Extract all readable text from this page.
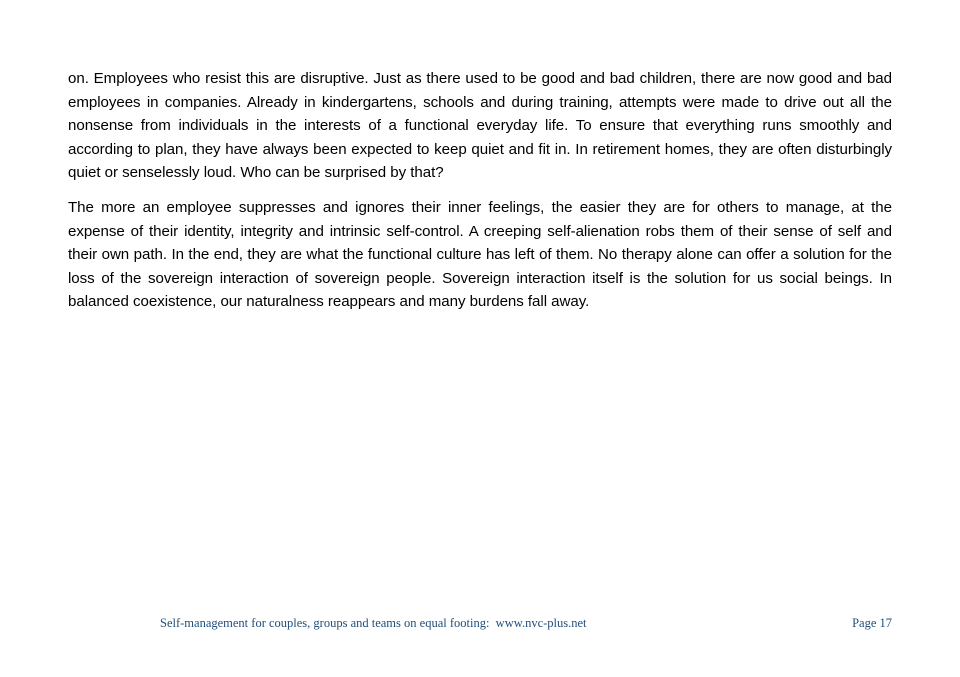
on. Employees who resist this are disruptive. Just as there used to be good and bad children, there are now good and bad employees in companies. Already in kindergartens, schools and during training, attempts were made to drive out all the nonsense from individuals in the interests of a functional everyday life. To ensure that everything runs smoothly and according to plan, they have always been expected to keep quiet and fit in. In retirement homes, they are often disturbingly quiet or senselessly loud. Who can be surprised by that?

The more an employee suppresses and ignores their inner feelings, the easier they are for others to manage, at the expense of their identity, integrity and intrinsic self-control. A creeping self-alienation robs them of their sense of self and their own path. In the end, they are what the functional culture has left of them. No therapy alone can offer a solution for the loss of the sovereign interaction of sovereign people. Sovereign interaction itself is the solution for us social beings. In balanced coexistence, our naturalness reappears and many burdens fall away.

Self-management for couples, groups and teams on equal footing:  www.nvc-plus.net	Page 17
